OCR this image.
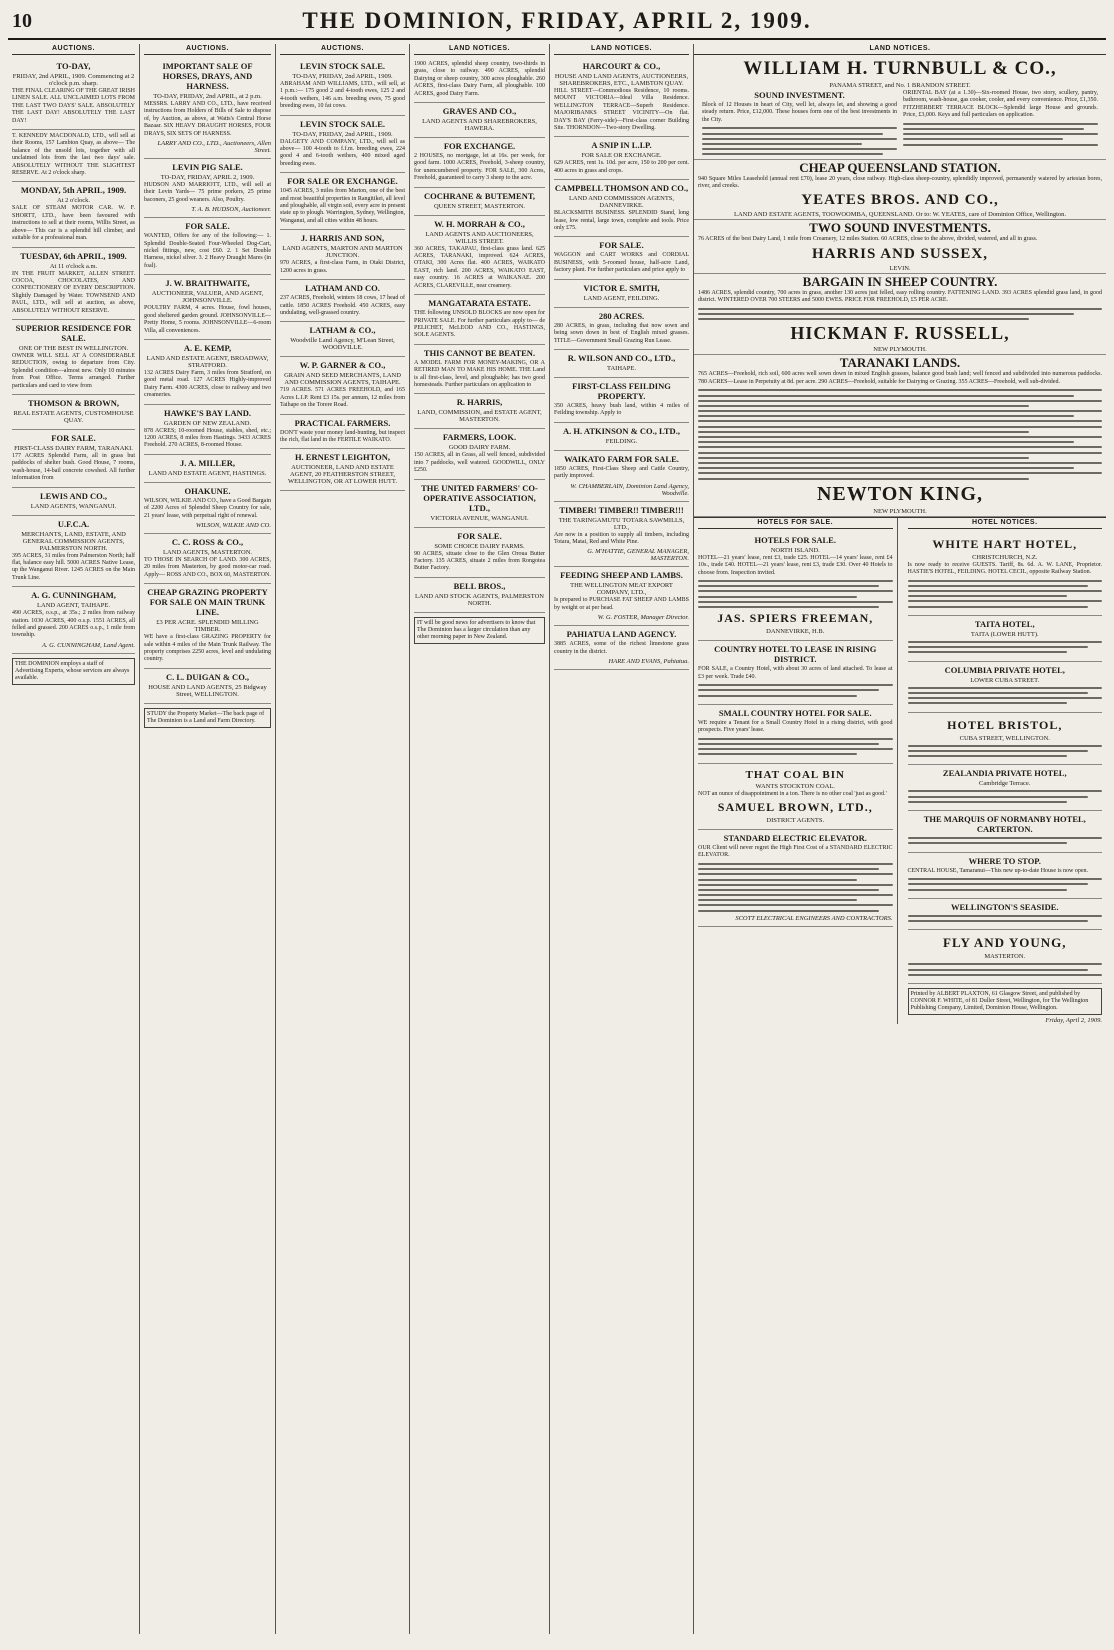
10	THE DOMINION, FRIDAY, APRIL 2, 1909.
AUCTIONS.
TO-DAY,
FRIDAY, 2nd APRIL, 1909. Commencing at 2 o'clock p.m. sharp.
THE FINAL CLEARING OF THE GREAT IRISH LINEN SALE. ALL UNCLAIMED LOTS FROM THE LAST TWO DAYS' SALE. ABSOLUTELY THE LAST DAY! ABSOLUTELY THE LAST DAY!
T. KENNEDY MACDONALD, LTD., will sell at their Rooms, 157 Lambton Quay, as above— The balance of the unsold lots, together with all unclaimed lots from the last two days' sale. ABSOLUTELY WITHOUT THE SLIGHTEST RESERVE. At 2 o'clock sharp.
MONDAY, 5th APRIL, 1909.
At 2 o'clock.
SALE OF STEAM MOTOR CAR. W. F. SHORTT, LTD., have been favoured with instructions to sell at their rooms, Willis Street, as above— This car is a splendid hill climber, and suitable for a professional man.
TUESDAY, 6th APRIL, 1909.
At 11 o'clock a.m.
IN THE FRUIT MARKET, ALLEN STREET. COCOA, CHOCOLATES, AND CONFECTIONERY OF EVERY DESCRIPTION. Slightly Damaged by Water. TOWNSEND AND PAUL, LTD., will sell at auction, as above, ABSOLUTELY WITHOUT RESERVE.
SUPERIOR RESIDENCE FOR SALE.
ONE OF THE BEST IN WELLINGTON.
OWNER WILL SELL AT A CONSIDERABLE REDUCTION, owing to departure from City. Splendid condition—almost new. Only 10 minutes from Post Office. Terms arranged. Further particulars and card to view from
THOMSON & BROWN,
REAL ESTATE AGENTS, CUSTOMHOUSE QUAY.
FOR SALE.
FIRST-CLASS DAIRY FARM, TARANAKI.
177 ACRES Splendid Farm, all in grass but paddocks of shelter bush. Good House, 7 rooms, wash-house, 14-bail concrete cowshed. All further information from
LEWIS AND CO.,
LAND AGENTS, WANGANUI.
U.F.C.A.
MERCHANTS, LAND, ESTATE, AND GENERAL COMMISSION AGENTS, PALMERSTON NORTH.
395 ACRES, 31 miles from Palmerston North; half flat, balance easy hill. 5000 ACRES Native Lease, up the Wanganui River. 1245 ACRES on the Main Trunk Line.
A. G. CUNNINGHAM,
LAND AGENT, TAIHAPE.
490 ACRES, o.s.p., at 35s.; 2 miles from railway station. 1030 ACRES, 400 o.s.p. 1551 ACRES, all felled and grassed. 200 ACRES o.s.p., 1 mile from township.
A. G. CUNNINGHAM, Land Agent.
THE DOMINION employs a staff of Advertising Experts, whose services are always available.
AUCTIONS.
IMPORTANT SALE OF HORSES, DRAYS, AND HARNESS.
TO-DAY, FRIDAY, 2nd APRIL, at 2 p.m.
MESSRS. LARRY AND CO., LTD., have received instructions from Holders of Bills of Sale to dispose of, by Auction, as above, at Watts's Central Horse Bazaar. SIX HEAVY DRAUGHT HORSES, FOUR DRAYS, SIX SETS OF HARNESS.
LARRY AND CO., LTD., Auctioneers, Allen Street.
LEVIN PIG SALE.
TO-DAY, FRIDAY, APRIL 2, 1909.
HUDSON AND MARRIOTT, LTD., will sell at their Levin Yards— 75 prime porkers, 25 prime baconers, 25 good weaners. Also, Poultry.
T. A. B. HUDSON, Auctioneer.
FOR SALE.
WANTED, Offers for any of the following:— 1. Splendid Double-Seated Four-Wheeled Dog-Cart, nickel fittings, new, cost £60. 2. 1 Set Double Harness, nickel silver. 3. 2 Heavy Draught Mares (in foal).
J. W. BRAITHWAITE,
AUCTIONEER, VALUER, AND AGENT, JOHNSONVILLE.
POULTRY FARM, 4 acres. House, fowl houses, good sheltered garden ground. JOHNSONVILLE—Pretty Home, 5 rooms. JOHNSONVILLE—6-room Villa, all conveniences.
A. E. KEMP,
LAND AND ESTATE AGENT, BROADWAY, STRATFORD.
132 ACRES Dairy Farm, 3 miles from Stratford, on good metal road. 127 ACRES Highly-improved Dairy Farm. 4300 ACRES, close to railway and two creameries.
HAWKE'S BAY LAND.
GARDEN OF NEW ZEALAND.
878 ACRES; 10-roomed House, stables, shed, etc.; 1200 ACRES, 8 miles from Hastings. 3433 ACRES Freehold. 270 ACRES, 8-roomed House.
J. A. MILLER,
LAND AND ESTATE AGENT, HASTINGS.
OHAKUNE.
WILSON, WILKIE AND CO., have a Good Bargain of 2200 Acres of Splendid Sheep Country for sale, 21 years' lease, with perpetual right of renewal.
WILSON, WILKIE AND CO.
C. C. ROSS & CO.,
LAND AGENTS, MASTERTON.
TO THOSE IN SEARCH OF LAND. 300 ACRES, 20 miles from Masterton, by good motor-car road. Apply— ROSS AND CO., BOX 60, MASTERTON.
CHEAP GRAZING PROPERTY FOR SALE ON MAIN TRUNK LINE.
£3 PER ACRE. SPLENDID MILLING TIMBER.
WE have a first-class GRAZING PROPERTY for sale within 4 miles of the Main Trunk Railway. The property comprises 2250 acres, level and undulating country.
C. L. DUIGAN & CO.,
HOUSE AND LAND AGENTS, 25 Bidgway Street, WELLINGTON.
STUDY the Property Market—The back page of The Dominion is a Land and Farm Directory.
AUCTIONS.
LEVIN STOCK SALE.
TO-DAY, FRIDAY, 2nd APRIL, 1909.
ABRAHAM AND WILLIAMS, LTD., will sell, at 1 p.m.:— 175 good 2 and 4-tooth ewes, 125 2 and 4-tooth wethers, 146 a.m. breeding ewes, 75 good breeding ewes, 10 fat cows.
LEVIN STOCK SALE.
TO-DAY, FRIDAY, 2nd APRIL, 1909.
DALGETY AND COMPANY, LTD., will sell as above— 100 4-tooth to f.f.m. breeding ewes, 224 good 4 and 6-tooth wethers, 400 mixed aged breeding ewes.
FOR SALE OR EXCHANGE.
1045 ACRES, 3 miles from Marton, one of the best and most beautiful properties in Rangitikei, all level and ploughable, all virgin soil, every acre in present state up to plough. Warrington, Sydney, Wellington, Wanganui, and all cities within 48 hours.
J. HARRIS AND SON,
LAND AGENTS, MARTON AND MARTON JUNCTION.
970 ACRES, a first-class Farm, in Otaki District, 1200 acres in grass.
LATHAM AND CO.
237 ACRES, Freehold, winters 18 cows, 17 head of cattle. 1850 ACRES Freehold. 450 ACRES, easy undulating, well-grassed country.
LATHAM & CO.,
Woodville Land Agency, M'Lean Street, WOODVILLE.
W. P. GARNER & CO.,
GRAIN AND SEED MERCHANTS, LAND AND COMMISSION AGENTS, TAIHAPE.
719 ACRES. 571 ACRES FREEHOLD, and 165 Acres L.I.P. Rent £3 15s. per annum, 12 miles from Taihape on the Torere Road.
PRACTICAL FARMERS.
DON'T waste your money land-hunting, but inspect the rich, flat land in the FERTILE WAIKATO.
H. ERNEST LEIGHTON,
AUCTIONEER, LAND AND ESTATE AGENT, 20 FEATHERSTON STREET, WELLINGTON, OR AT LOWER HUTT.
LAND NOTICES.
1900 ACRES, splendid sheep country, two-thirds in grass, close to railway. 490 ACRES, splendid Dairying or sheep country, 300 acres ploughable. 260 ACRES, first-class Dairy Farm, all ploughable. 100 ACRES, good Dairy Farm.
GRAVES AND CO.,
LAND AGENTS AND SHAREBROKERS, HAWERA.
FOR EXCHANGE.
2 HOUSES, no mortgage, let at 16s. per week, for good farm. 1000 ACRES, Freehold, 3-sheep country, for unencumbered property. FOR SALE, 300 Acres, Freehold, guaranteed to carry 3 sheep to the acre.
COCHRANE & BUTEMENT,
QUEEN STREET, MASTERTON.
W. H. MORRAH & CO.,
LAND AGENTS AND AUCTIONEERS, WILLIS STREET.
360 ACRES, TAKAPAU, first-class grass land. 625 ACRES, TARANAKI, improved. 624 ACRES, OTAKI, 300 Acres flat. 400 ACRES, WAIKATO EAST, rich land. 200 ACRES, WAIKATO EAST, easy country. 16 ACRES at WAIKANAE. 200 ACRES, CLAREVILLE, near creamery.
MANGATARATA ESTATE.
THE following UNSOLD BLOCKS are now open for PRIVATE SALE. For further particulars apply to— de PELICHET, McLEOD AND CO., HASTINGS, SOLE AGENTS.
THIS CANNOT BE BEATEN.
A MODEL FARM FOR MONEY-MAKING, OR A RETIRED MAN TO MAKE HIS HOME. THE Land is all first-class, level, and ploughable; has two good homesteads. Further particulars on application to
R. HARRIS,
LAND, COMMISSION, and ESTATE AGENT, MASTERTON.
FARMERS, LOOK.
GOOD DAIRY FARM.
150 ACRES, all in Grass, all well fenced, subdivided into 7 paddocks, well watered. GOODWILL, ONLY £250.
THE UNITED FARMERS' CO-OPERATIVE ASSOCIATION, LTD.,
VICTORIA AVENUE, WANGANUI.
FOR SALE.
SOME CHOICE DAIRY FARMS.
90 ACRES, situate close to the Glen Oroua Butter Factory. 135 ACRES, situate 2 miles from Rongotea Butter Factory.
BELL BROS.,
LAND AND STOCK AGENTS, PALMERSTON NORTH.
IT will be good news for advertisers to know that The Dominion has a larger circulation than any other morning paper in New Zealand.
LAND NOTICES.
HARCOURT & CO.,
HOUSE AND LAND AGENTS, AUCTIONEERS, SHAREBROKERS, ETC., LAMBTON QUAY.
HILL STREET—Commodious Residence, 10 rooms. MOUNT VICTORIA—Ideal Villa Residence. WELLINGTON TERRACE—Superb Residence. MAJORIBANKS STREET VICINITY—On flat. DAY'S BAY (Ferry-side)—First-class corner Building Site. THORNDON—Two-story Dwelling.
A SNIP IN L.I.P.
FOR SALE OR EXCHANGE.
629 ACRES, rent 1s. 10d. per acre, 150 to 200 per cent. 400 acres in grass and crops.
CAMPBELL THOMSON AND CO.,
LAND AND COMMISSION AGENTS, DANNEVIRKE.
BLACKSMITH BUSINESS. SPLENDID Stand, long lease, low rental, large town, complete and tools. Price only £75.
FOR SALE.
WAGGON and CART WORKS and CORDIAL BUSINESS, with 5-roomed house, half-acre Land, factory plant. For further particulars and price apply to
VICTOR E. SMITH,
LAND AGENT, FEILDING.
280 ACRES.
280 ACRES, in grass, including that now sown and being sown down in best of English mixed grasses. TITLE—Government Small Grazing Run Lease.
R. WILSON AND CO., LTD.,
TAIHAPE.
FIRST-CLASS FEILDING PROPERTY.
350 ACRES, heavy bush land, within 4 miles of Feilding township. Apply to
A. H. ATKINSON & CO., LTD.,
FEILDING.
WAIKATO FARM FOR SALE.
1850 ACRES, First-Class Sheep and Cattle Country, partly improved.
W. CHAMBERLAIN, Dominion Land Agency, Woodville.
TIMBER! TIMBER!! TIMBER!!!
THE TARINGAMUTU TOTARA SAWMILLS, LTD.,
Are now in a position to supply all timbers, including Totara, Matai, Red and White Pine.
G. M'HATTIE, GENERAL MANAGER, MASTERTON.
FEEDING SHEEP AND LAMBS.
THE WELLINGTON MEAT EXPORT COMPANY, LTD.,
Is prepared to PURCHASE FAT SHEEP AND LAMBS by weight or at per head.
W. G. FOSTER, Manager Director.
PAHIATUA LAND AGENCY.
3885 ACRES, some of the richest limestone grass country in the district.
HARE AND EVANS, Pahiatua.
LAND NOTICES.
WILLIAM H. TURNBULL & CO.,
PANAMA STREET, and No. 1 BRANDON STREET.
SOUND INVESTMENT.
Block of 12 Houses in heart of City, well let, always let, and showing a good steady return. Price, £12,000. These houses form one of the best investments in the City.
ORIENTAL BAY (at a 1.30)—Six-roomed House, two story, scullery, pantry, bathroom, wash-house, gas cooker, cooler, and every convenience. Price, £1,350. FITZHERBERT TERRACE BLOCK—Splendid large House and grounds. Price, £3,000. Keys and full particulars on application.
CHEAP QUEENSLAND STATION.
940 Square Miles Leasehold (annual rent £70), lease 20 years, close railway. High-class sheep-country, splendidly improved, permanently watered by artesian bores, river, and creeks.
YEATES BROS. AND CO.,
LAND AND ESTATE AGENTS, TOOWOOMBA, QUEENSLAND. Or to: W. YEATES, care of Dominion Office, Wellington.
TWO SOUND INVESTMENTS.
76 ACRES of the best Dairy Land, 1 mile from Creamery, 12 miles Station. 60 ACRES, close to the above, divided, watered, and all in grass.
HARRIS AND SUSSEX,
LEVIN.
BARGAIN IN SHEEP COUNTRY.
1486 ACRES, splendid country, 700 acres in grass, another 130 acres just felled, easy rolling country. FATTENING LAND. 393 ACRES splendid grass land, in good district. WINTERED OVER 700 STEERS and 5000 EWES. PRICE FOR FREEHOLD, £5 PER ACRE.
HICKMAN F. RUSSELL,
NEW PLYMOUTH.
TARANAKI LANDS.
765 ACRES—Freehold, rich soil, 600 acres well sown down in mixed English grasses, balance good bush land; well fenced and subdivided into numerous paddocks. 780 ACRES—Lease in Perpetuity at 8d. per acre. 290 ACRES—Freehold, suitable for Dairying or Grazing. 355 ACRES—Freehold, well sub-divided.
NEWTON KING,
NEW PLYMOUTH.
HOTELS FOR SALE.
HOTELS FOR SALE.
NORTH ISLAND.
HOTEL—21 years' lease, rent £3, trade £25. HOTEL—14 years' lease, rent £4 10s., trade £40. HOTEL—21 years' lease, rent £3, trade £30. Over 40 Hotels to choose from. Inspection invited.
JAS. SPIERS FREEMAN,
DANNEVIRKE, H.B.
COUNTRY HOTEL TO LEASE IN RISING DISTRICT.
FOR SALE, a Country Hotel, with about 30 acres of land attached. To lease at £3 per week. Trade £40.
SMALL COUNTRY HOTEL FOR SALE.
WE require a Tenant for a Small Country Hotel in a rising district, with good prospects. Five years' lease.
THAT COAL BIN
WANTS STOCKTON COAL.
NOT an ounce of disappointment in a ton. There is no other coal 'just as good.'
SAMUEL BROWN, LTD.,
DISTRICT AGENTS.
STANDARD ELECTRIC ELEVATOR.
OUR Client will never regret the High First Cost of a STANDARD ELECTRIC ELEVATOR.
SCOTT ELECTRICAL ENGINEERS AND CONTRACTORS.
HOTEL NOTICES.
WHITE HART HOTEL,
CHRISTCHURCH, N.Z.
Is now ready to receive GUESTS. Tariff, 8s. 6d. A. W. LANE, Proprietor. HASTIE'S HOTEL, FEILDING. HOTEL CECIL, opposite Railway Station.
TAITA HOTEL,
TAITA (LOWER HUTT).
COLUMBIA PRIVATE HOTEL,
LOWER CUBA STREET.
HOTEL BRISTOL,
CUBA STREET, WELLINGTON.
ZEALANDIA PRIVATE HOTEL,
Cambridge Terrace.
THE MARQUIS OF NORMANBY HOTEL, CARTERTON.
WHERE TO STOP.
CENTRAL HOUSE, Tamaranui—This new up-to-date House is now open.
WELLINGTON'S SEASIDE.
FLY AND YOUNG,
MASTERTON.
Printed by ALBERT PLAXTON, 61 Glasgow Street, and published by CONNOR F. WHITE, of 81 Duller Street, Wellington, for The Wellington Publishing Company, Limited, Dominion House, Wellington.
Friday, April 2, 1909.
